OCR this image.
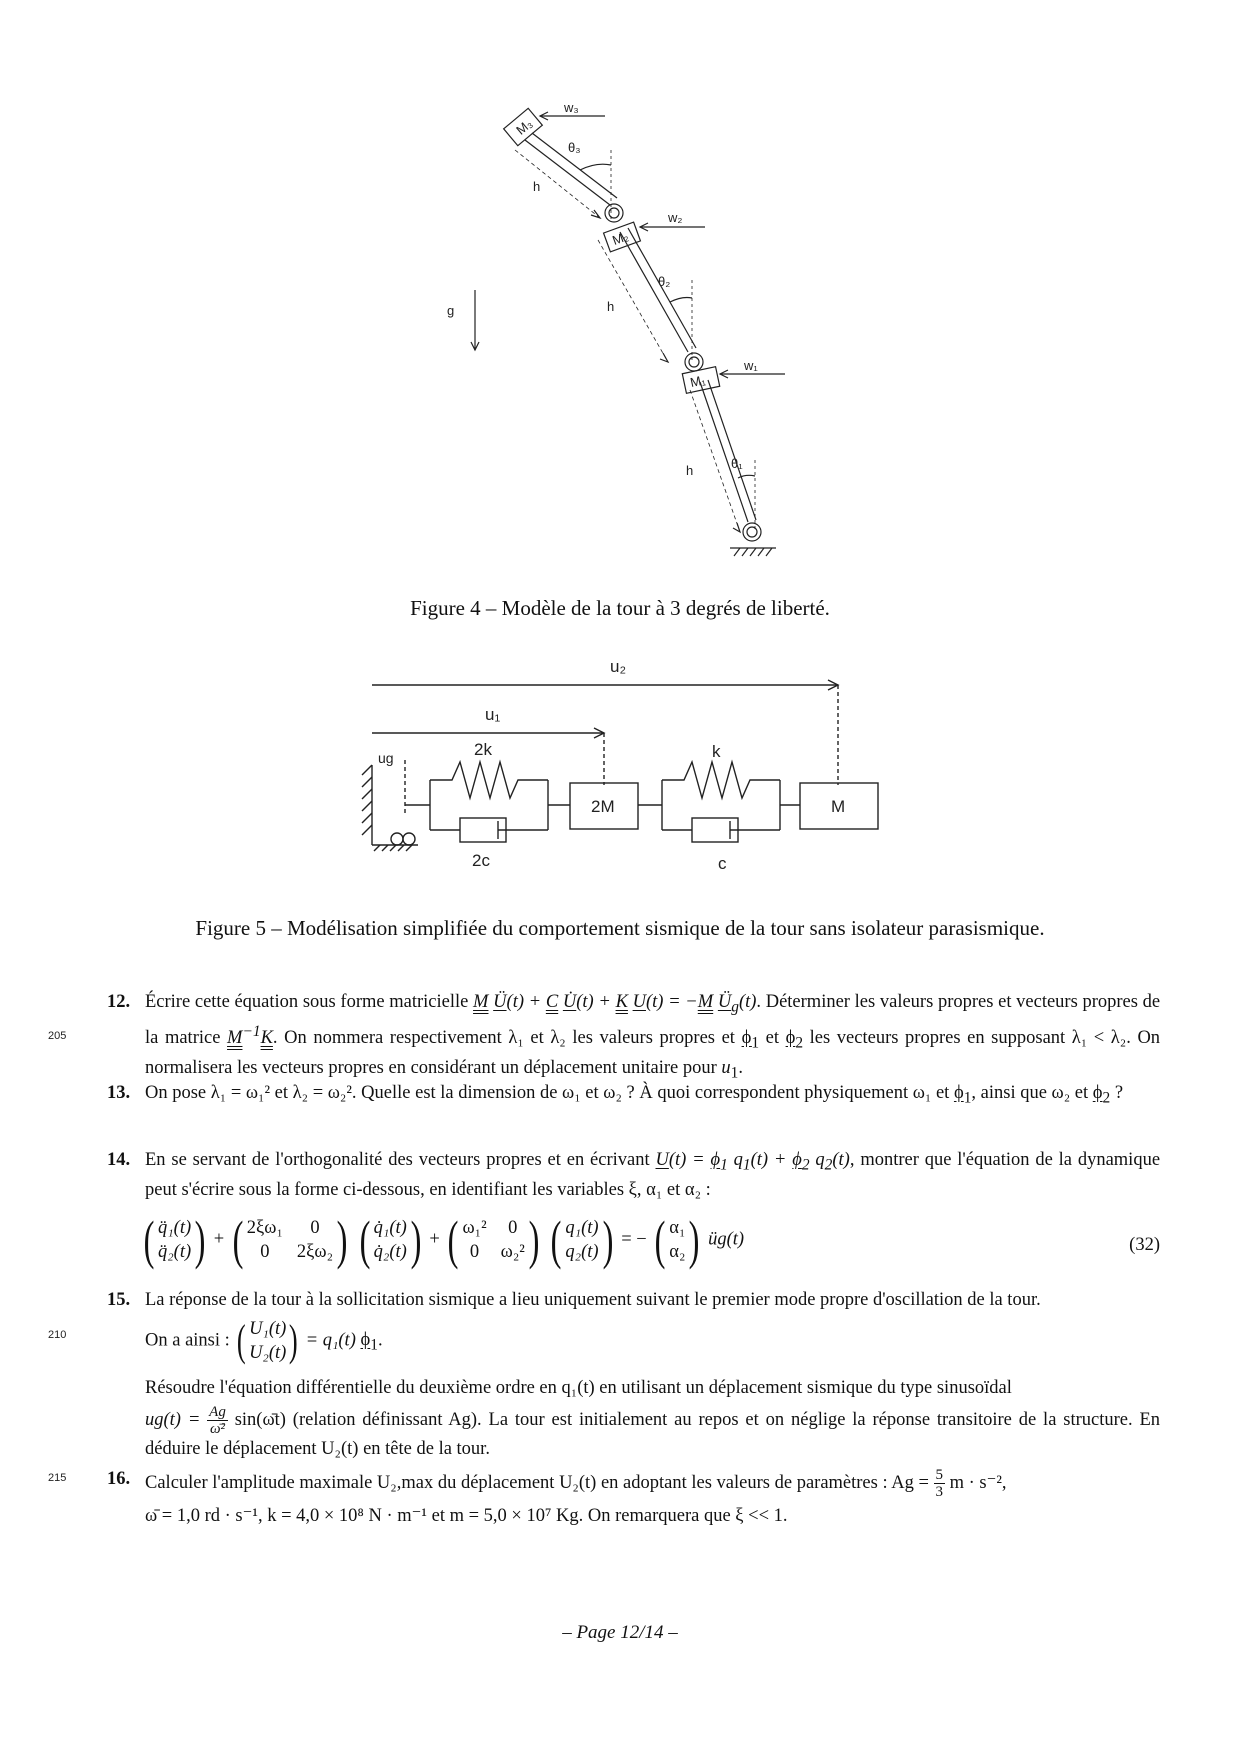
M₃
M₂
M₁
w₃
w₂
w₁
θ₃
θ₂
θ₁
h
h
h
g
Figure 4 – Modèle de la tour à 3 degrés de liberté.
u₂
u₁
ug	2k	k
2c	c
2M	M
Figure 5 – Modélisation simplifiée du comportement sismique de la tour sans isolateur parasismique.
205
210
215
12. Écrire cette équation sous forme matricielle M Ü(t) + C U̇(t) + K U(t) = −M $Ü_g(t)$. Déterminer les valeurs propres et vecteurs propres de la matrice $M^{-1}K$. On nommera respectivement λ₁ et λ₂ les valeurs propres et $\phi_1$ et $\phi_2$ les vecteurs propres en supposant λ₁ < λ₂. On normalisera les vecteurs propres en considérant un déplacement unitaire pour $u_1$.

13. On pose λ₁ = ω₁² et λ₂ = ω₂². Quelle est la dimension de ω₁ et ω₂ ? À quoi correspondent physiquement ω₁ et $\phi_1$, ainsi que ω₂ et $\phi_2$ ?

14. En se servant de l'orthogonalité des vecteurs propres et en écrivant $U(t) = \phi_1$ $q_1(t) + \phi_2$ $q_2(t)$, montrer que l'équation de la dynamique peut s'écrire sous la forme ci-dessous, en identifiant les variables ξ, α₁ et α₂ :

( q̈₁(t)
q̈₂(t) ) + ( 2ξω₁	0
0	2ξω₂ )
( q̇₁(t)
q̇₂(t) ) + ( ω₁²	0
0	ω₂² )
( q₁(t)
q₂(t) ) = − ( α₁
α₂ ) üg(t)	(32)
15. La réponse de la tour à la sollicitation sismique a lieu uniquement suivant le premier mode propre d'oscillation de la tour.

On a ainsi : ( U₁(t)
U₂(t) ) = q₁(t) $\phi_1$.

Résoudre l'équation différentielle du deuxième ordre en q₁(t) en utilisant un déplacement sismique du type sinusoïdal

$ug(t) = \frac{Ag}{\text{ω̄²}}$ sin(ω̄t) (relation définissant Ag). La tour est initialement au repos et on néglige la réponse transitoire de la structure. En déduire le déplacement U₂(t) en tête de la tour.

16. Calculer l'amplitude maximale U₂,max du déplacement U₂(t) en adoptant les valeurs de paramètres : $Ag = \frac{5}{3}$ m · s⁻²,

ω̄ = 1,0 rd · s⁻¹, k = 4,0 × 10⁸ N · m⁻¹ et m = 5,0 × 10⁷ Kg. On remarquera que ξ << 1.

– Page 12/14 –
